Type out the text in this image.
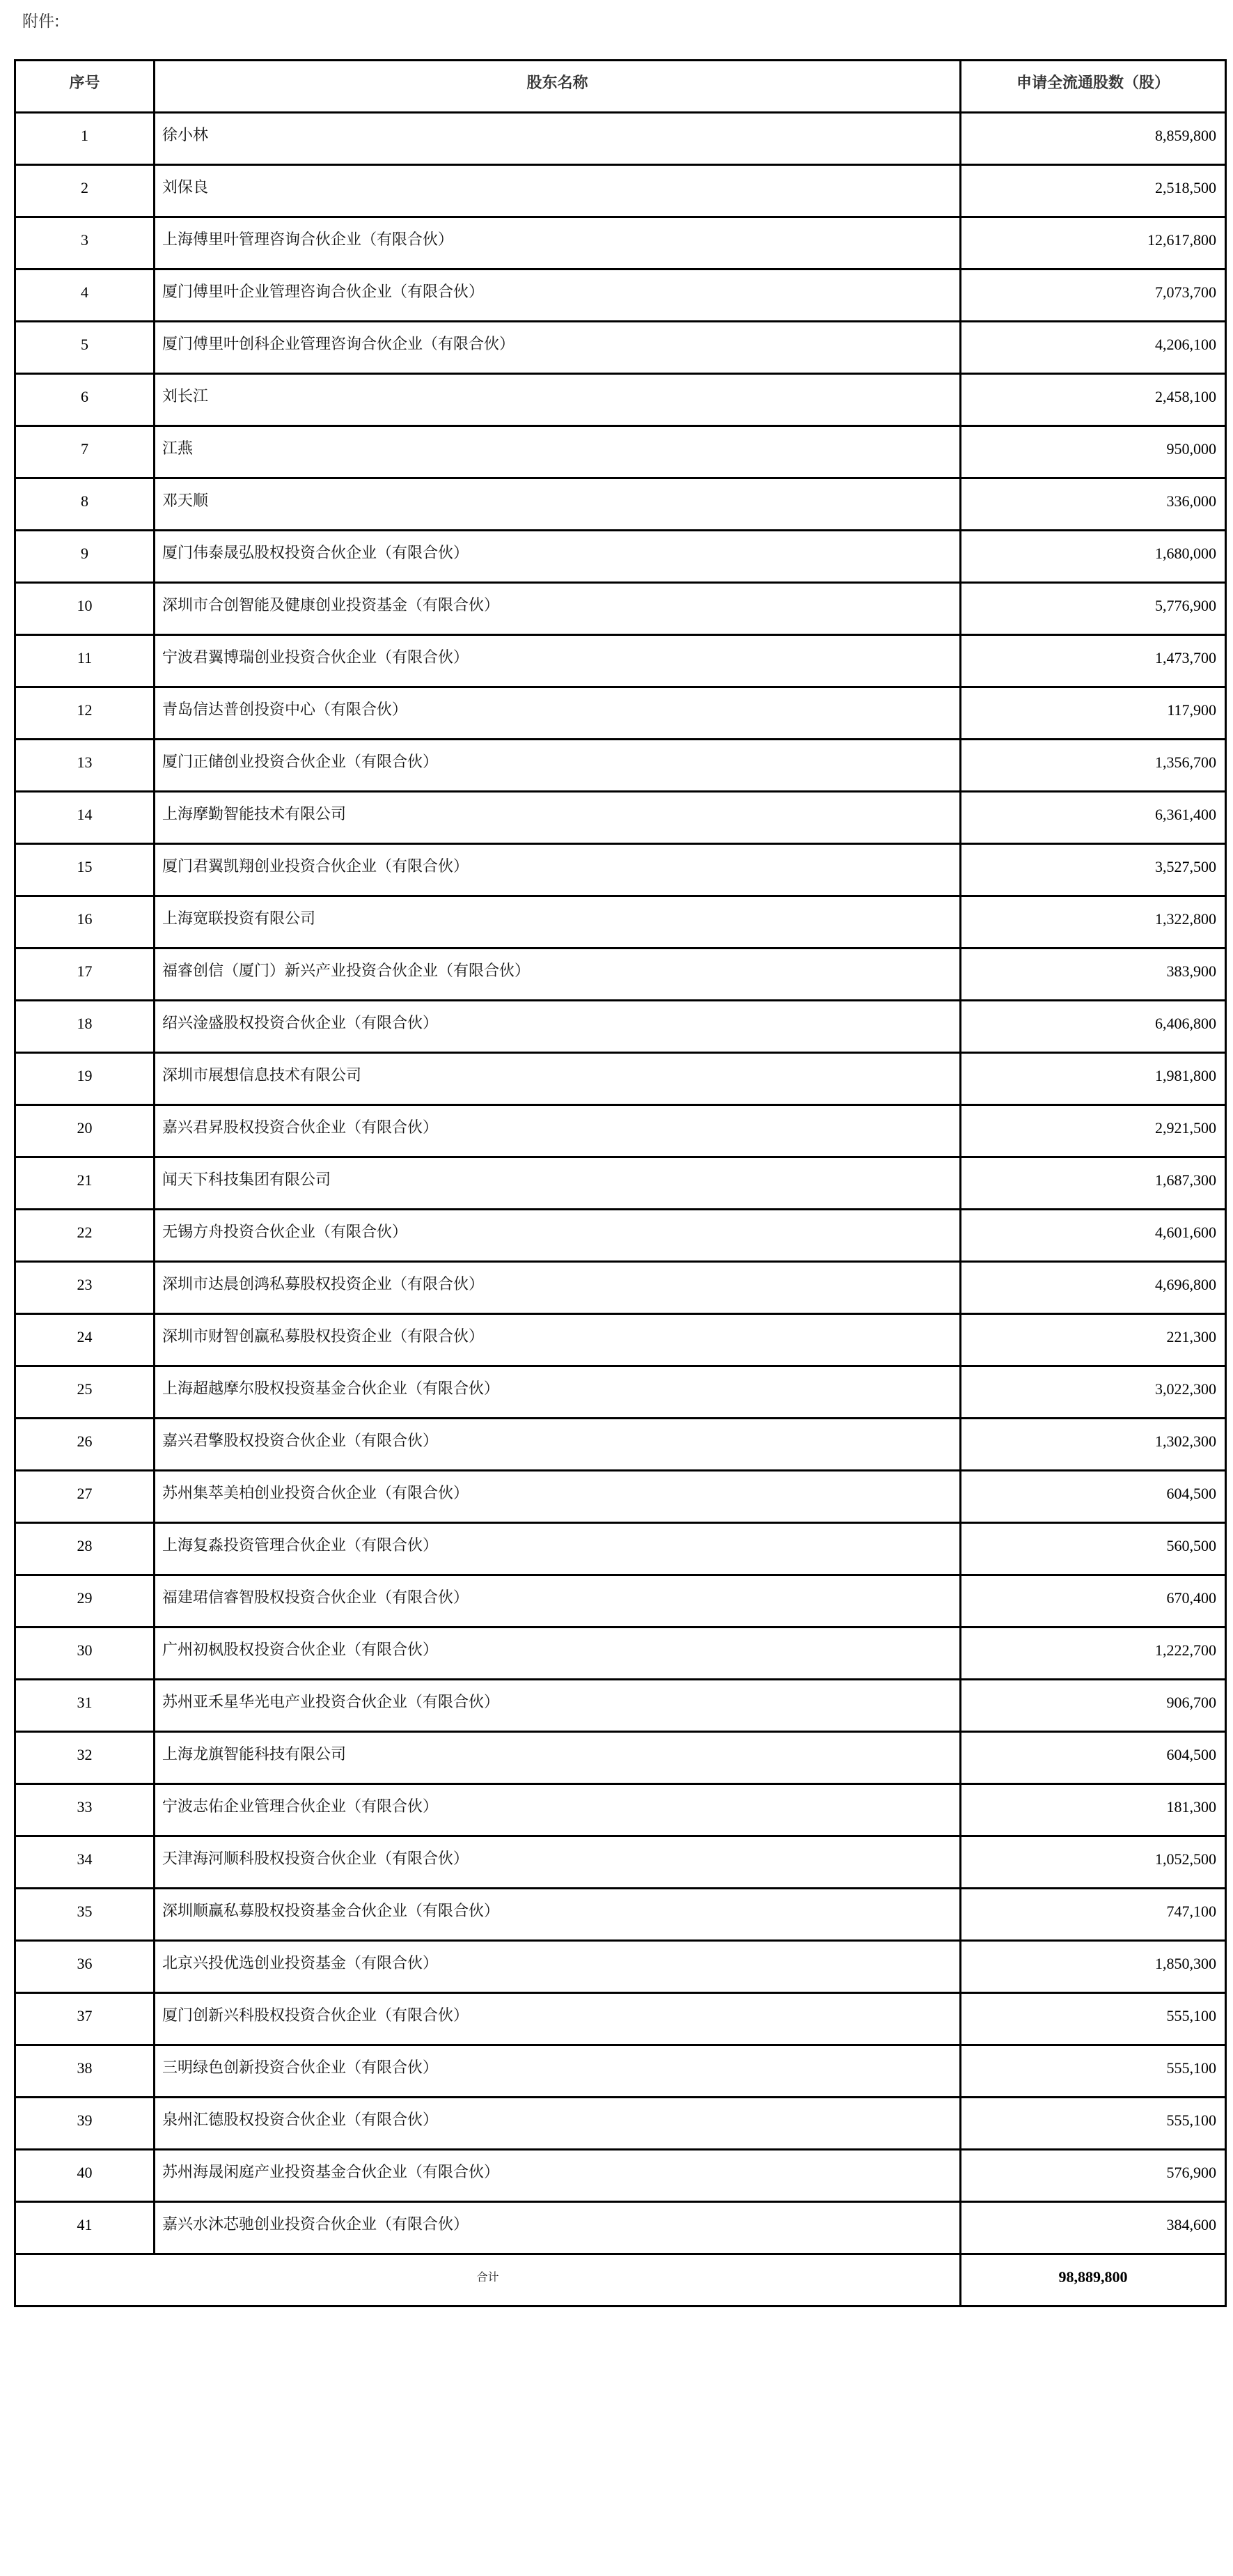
附件:
序号	股东名称	申请全流通股数（股）
1	徐小林	8,859,800
2	刘保良	2,518,500
3	上海傅里叶管理咨询合伙企业（有限合伙）	12,617,800
4	厦门傅里叶企业管理咨询合伙企业（有限合伙）	7,073,700
5	厦门傅里叶创科企业管理咨询合伙企业（有限合伙）	4,206,100
6	刘长江	2,458,100
7	江燕	950,000
8	邓天顺	336,000
9	厦门伟泰晟弘股权投资合伙企业（有限合伙）	1,680,000
10	深圳市合创智能及健康创业投资基金（有限合伙）	5,776,900
11	宁波君翼博瑞创业投资合伙企业（有限合伙）	1,473,700
12	青岛信达普创投资中心（有限合伙）	117,900
13	厦门正储创业投资合伙企业（有限合伙）	1,356,700
14	上海摩勤智能技术有限公司	6,361,400
15	厦门君翼凯翔创业投资合伙企业（有限合伙）	3,527,500
16	上海宽联投资有限公司	1,322,800
17	福睿创信（厦门）新兴产业投资合伙企业（有限合伙）	383,900
18	绍兴淦盛股权投资合伙企业（有限合伙）	6,406,800
19	深圳市展想信息技术有限公司	1,981,800
20	嘉兴君昇股权投资合伙企业（有限合伙）	2,921,500
21	闻天下科技集团有限公司	1,687,300
22	无锡方舟投资合伙企业（有限合伙）	4,601,600
23	深圳市达晨创鸿私募股权投资企业（有限合伙）	4,696,800
24	深圳市财智创赢私募股权投资企业（有限合伙）	221,300
25	上海超越摩尔股权投资基金合伙企业（有限合伙）	3,022,300
26	嘉兴君擎股权投资合伙企业（有限合伙）	1,302,300
27	苏州集萃美柏创业投资合伙企业（有限合伙）	604,500
28	上海复淼投资管理合伙企业（有限合伙）	560,500
29	福建珺信睿智股权投资合伙企业（有限合伙）	670,400
30	广州初枫股权投资合伙企业（有限合伙）	1,222,700
31	苏州亚禾星华光电产业投资合伙企业（有限合伙）	906,700
32	上海龙旗智能科技有限公司	604,500
33	宁波志佑企业管理合伙企业（有限合伙）	181,300
34	天津海河顺科股权投资合伙企业（有限合伙）	1,052,500
35	深圳顺赢私募股权投资基金合伙企业（有限合伙）	747,100
36	北京兴投优选创业投资基金（有限合伙）	1,850,300
37	厦门创新兴科股权投资合伙企业（有限合伙）	555,100
38	三明绿色创新投资合伙企业（有限合伙）	555,100
39	泉州汇德股权投资合伙企业（有限合伙）	555,100
40	苏州海晟闲庭产业投资基金合伙企业（有限合伙）	576,900
41	嘉兴水沐芯驰创业投资合伙企业（有限合伙）	384,600
合计		98,889,800
